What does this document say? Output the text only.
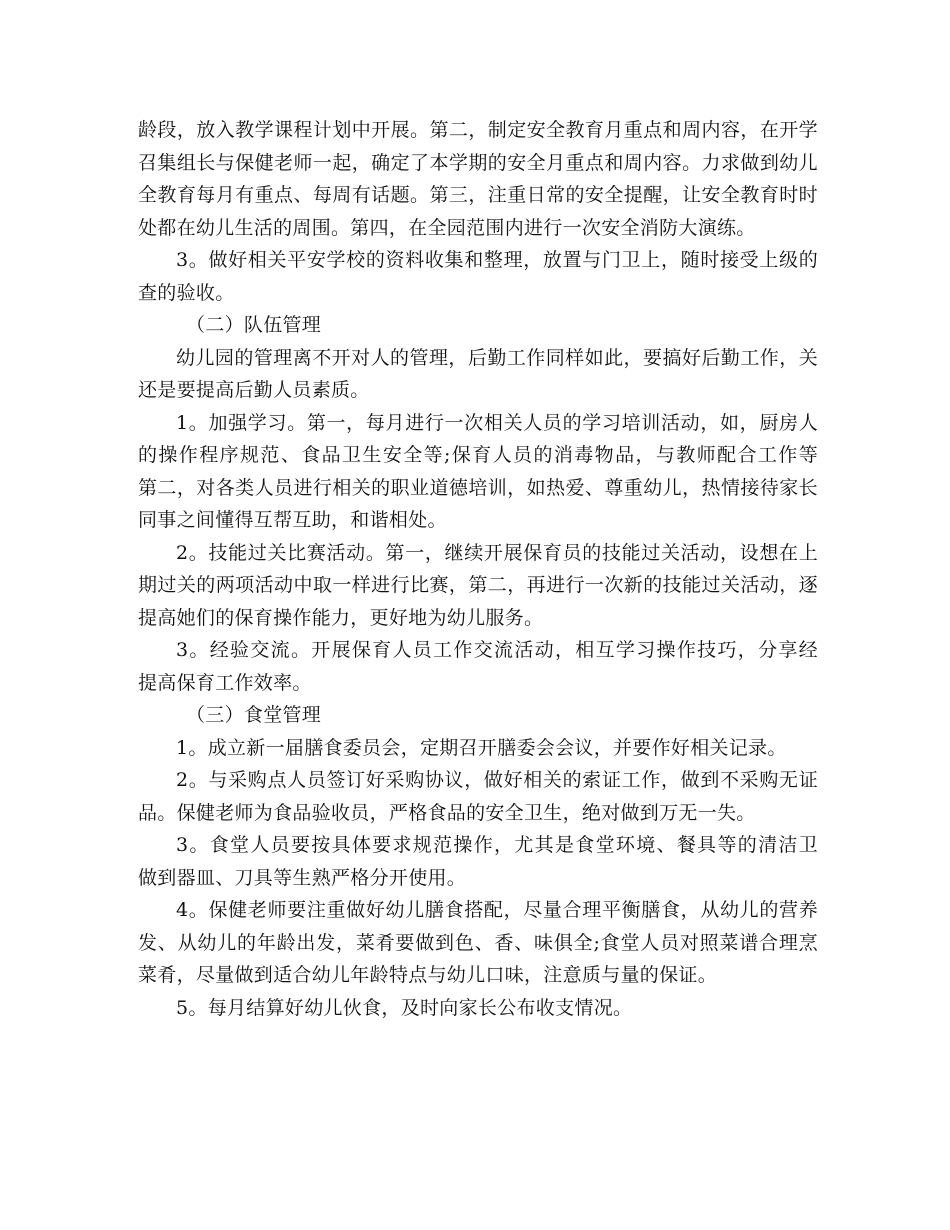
龄段，放入教学课程计划中开展。第二，制定安全教育月重点和周内容，在开学
召集组长与保健老师一起，确定了本学期的安全月重点和周内容。力求做到幼儿
全教育每月有重点、每周有话题。第三，注重日常的安全提醒，让安全教育时时
处都在幼儿生活的周围。第四，在全园范围内进行一次安全消防大演练。
3。做好相关平安学校的资料收集和整理，放置与门卫上，随时接受上级的
查的验收。
（二）队伍管理
幼儿园的管理离不开对人的管理，后勤工作同样如此，要搞好后勤工作，关
还是要提高后勤人员素质。
1。加强学习。第一，每月进行一次相关人员的学习培训活动，如，厨房人
的操作程序规范、食品卫生安全等;保育人员的消毒物品，与教师配合工作等
第二，对各类人员进行相关的职业道德培训，如热爱、尊重幼儿，热情接待家长
同事之间懂得互帮互助，和谐相处。
2。技能过关比赛活动。第一，继续开展保育员的技能过关活动，设想在上
期过关的两项活动中取一样进行比赛，第二，再进行一次新的技能过关活动，逐
提高她们的保育操作能力，更好地为幼儿服务。
3。经验交流。开展保育人员工作交流活动，相互学习操作技巧，分享经
提高保育工作效率。
（三）食堂管理
1。成立新一届膳食委员会，定期召开膳委会会议，并要作好相关记录。
2。与采购点人员签订好采购协议，做好相关的索证工作，做到不采购无证
品。保健老师为食品验收员，严格食品的安全卫生，绝对做到万无一失。
3。食堂人员要按具体要求规范操作，尤其是食堂环境、餐具等的清洁卫
做到器皿、刀具等生熟严格分开使用。
4。保健老师要注重做好幼儿膳食搭配，尽量合理平衡膳食，从幼儿的营养
发、从幼儿的年龄出发，菜肴要做到色、香、味俱全;食堂人员对照菜谱合理烹
菜肴，尽量做到适合幼儿年龄特点与幼儿口味，注意质与量的保证。
5。每月结算好幼儿伙食，及时向家长公布收支情况。
